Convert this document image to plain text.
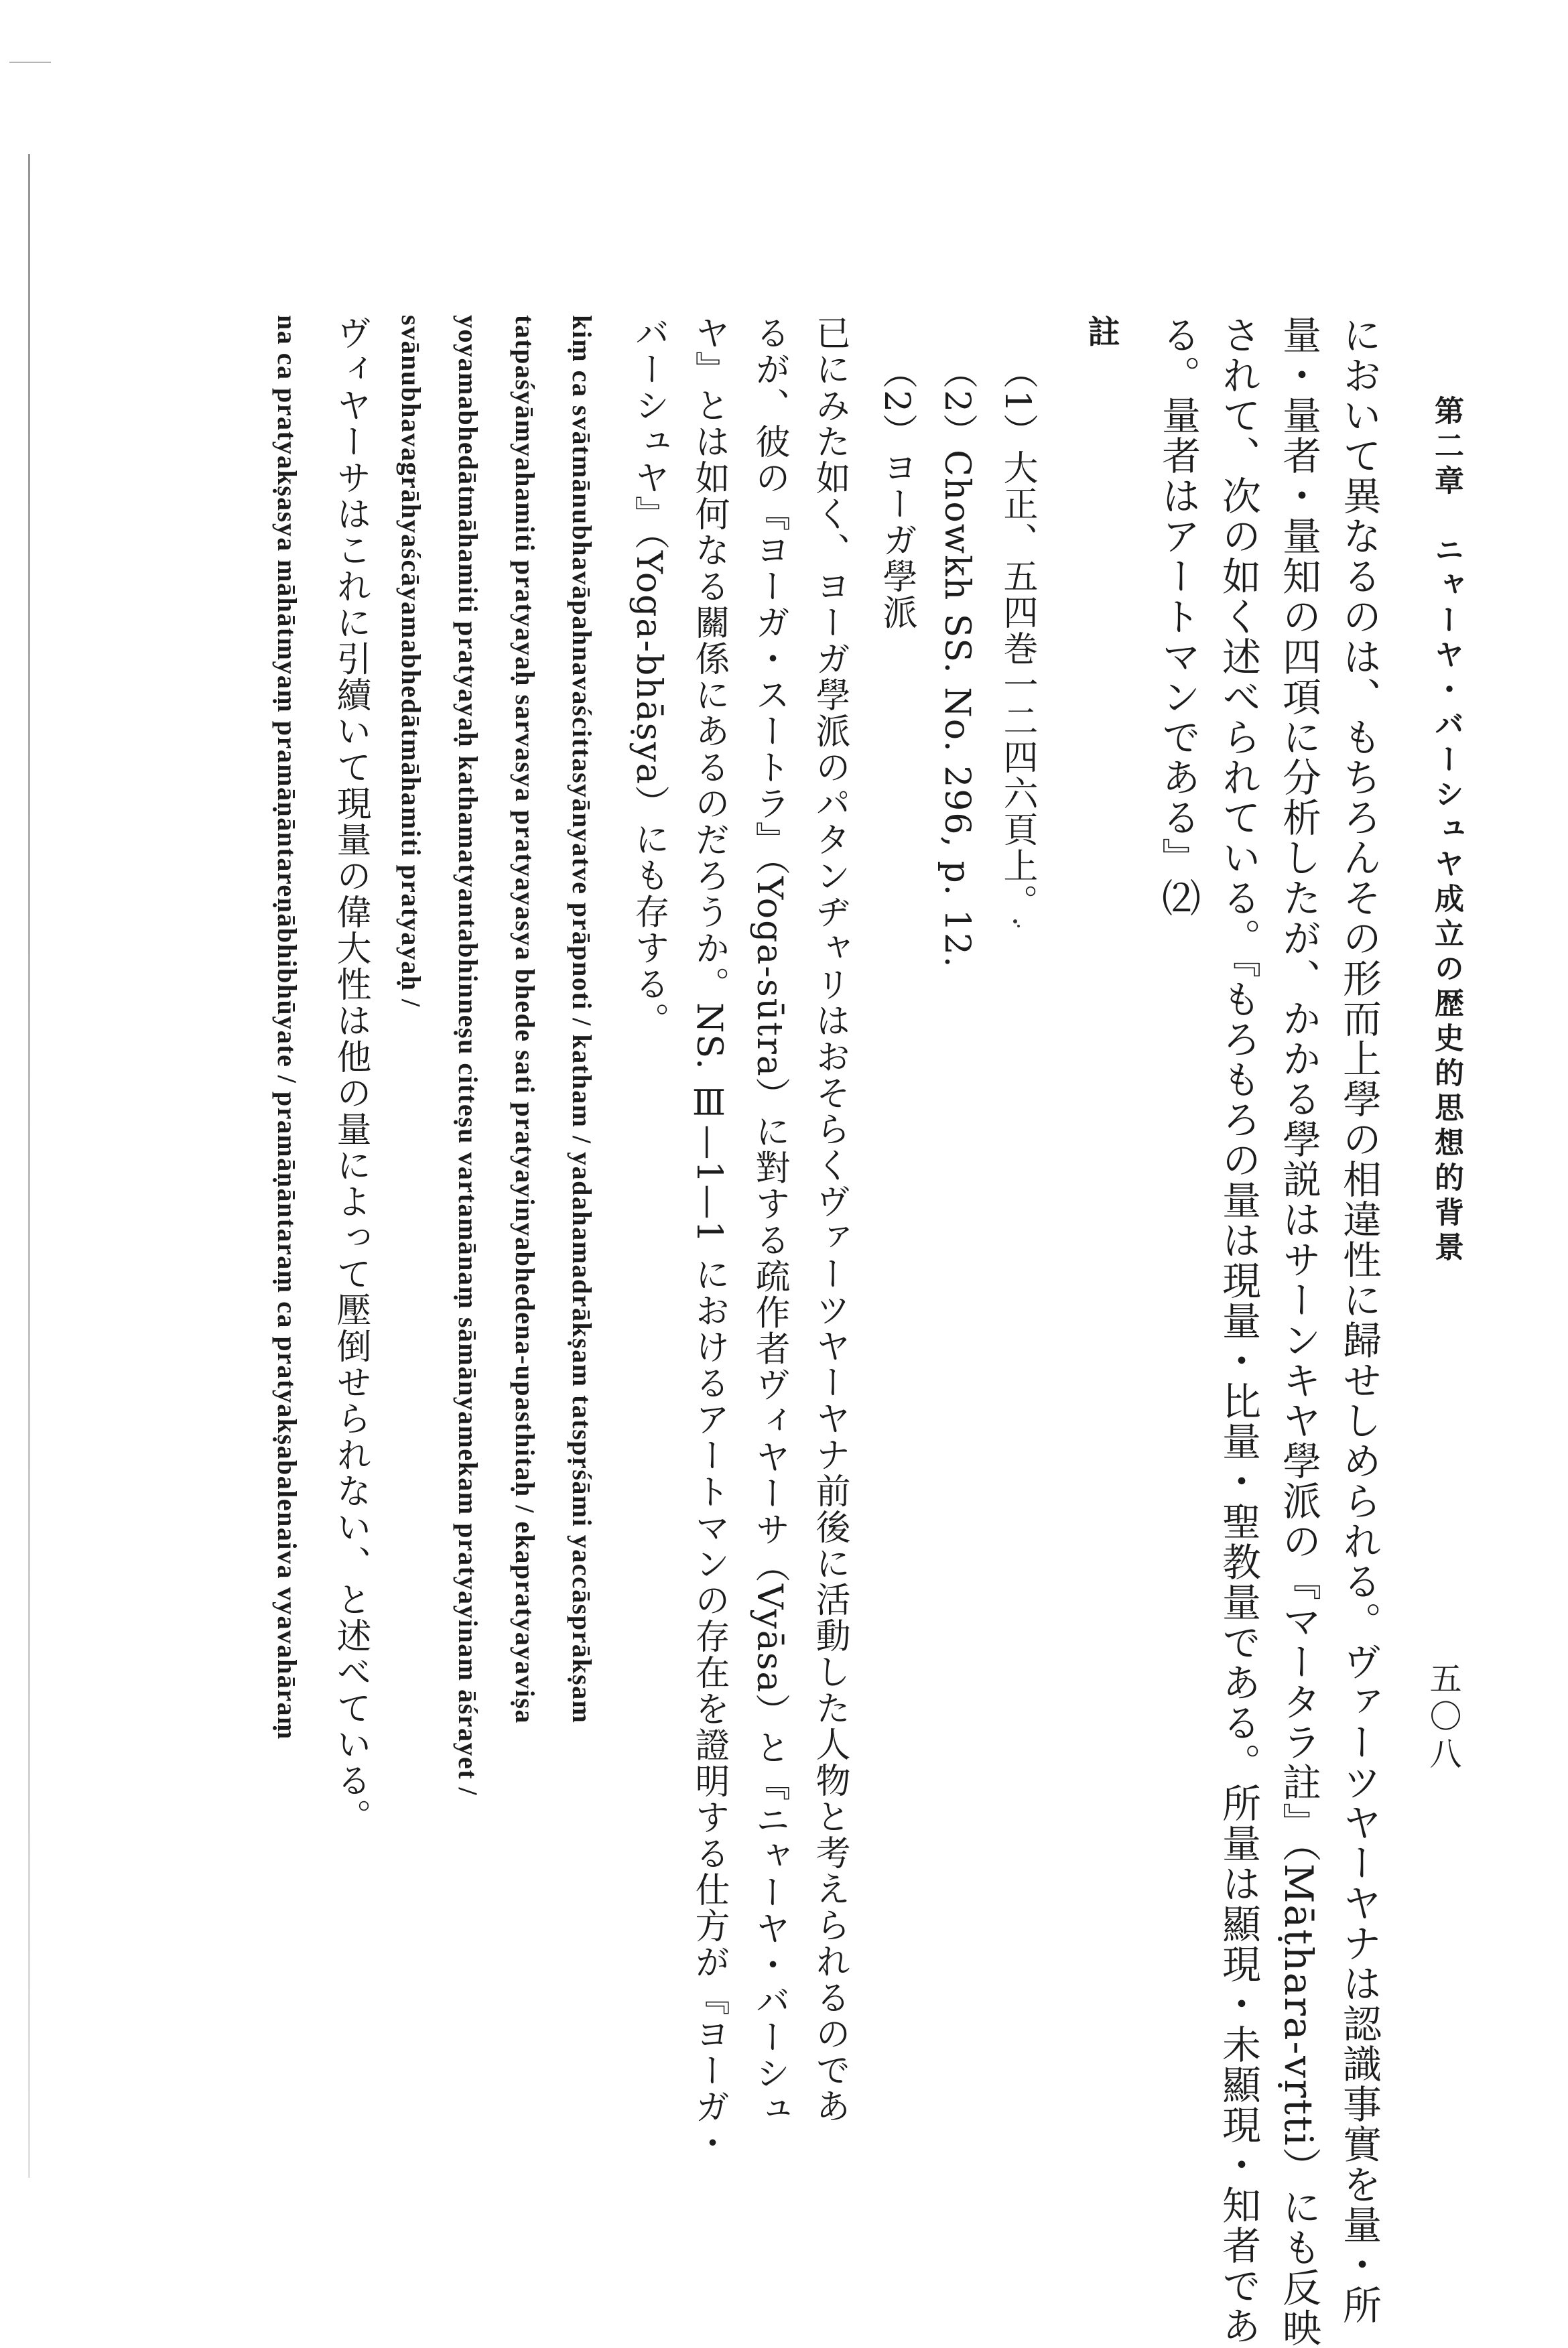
第二章　ニャーヤ・バーシュヤ成立の歴史的思想的背景
五〇八
において異なるのは、もちろんその形而上學の相違性に歸せしめられる。ヴァーツヤーヤナは認識事實を量・所
量・量者・量知の四項に分析したが、かかる學説はサーンキヤ學派の『マータラ註』（Māṭhara-vṛtti）にも反映
されて、次の如く述べられている。『もろもろの量は現量・比量・聖教量である。所量は顯現・未顯現・知者であ
る。量者はアートマンである』⑵
註
（1）大正、五四巻一二四六頁上。
（2）Chowkh SS. No. 296, p. 12.
（2）ヨーガ學派
已にみた如く、ヨーガ學派のパタンヂャリはおそらくヴァーツヤーヤナ前後に活動した人物と考えられるのであ
るが、彼の『ヨーガ・スートラ』（Yoga-sūtra）に對する疏作者ヴィヤーサ（Vyāsa）と『ニャーヤ・バーシュ
ヤ』とは如何なる關係にあるのだろうか。NS. Ⅲ—1—1 におけるアートマンの存在を證明する仕方が『ヨーガ・
バーシュヤ』（Yoga-bhāṣya）にも存する。
kiṃ ca svātmānubhavāpahnavaścittasyānyatve prāpnoti / katham / yadahamadrākṣam tatspṛśāmi yaccāsprākṣam
tatpaśyāmyahamiti pratyayaḥ sarvasya pratyayasya bhede sati pratyayinyabhedena-upasthitaḥ / ekapratyayaviṣa
yoyamabhedātmāhamiti pratyayaḥ kathamatyantabhinneṣu citteṣu vartamānaṃ sāmānyamekam pratyayinam āśrayet /
svānubhavagrāhyaścāyamabhedātmāhamiti pratyayaḥ /
ヴィヤーサはこれに引續いて現量の偉大性は他の量によって壓倒せられない、と述べている。
na ca pratyakṣasya māhātmyaṃ pramāṇāntareṇābhibhūyate / pramāṇāntaraṃ ca pratyakṣabalenaiva vyavahāraṃ
